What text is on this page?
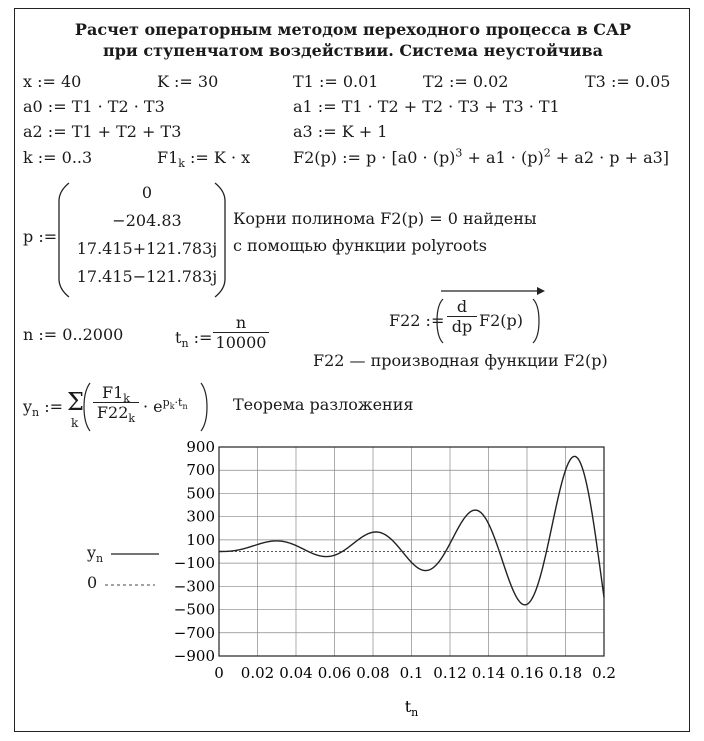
Расчет операторным методом переходного процесса в САР
при ступенчатом воздействии. Система неустойчива
x := 40	K := 30	T1 := 0.01	T2 := 0.02	T3 := 0.05
a0 := T1 · T2 · T3	a1 := T1 · T2 + T2 · T3 + T3 · T1
a2 := T1 + T2 + T3	a3 := K + 1
k := 0..3	$F1_k$ := K · x	F2(p) := $p \cdot [a0 \cdot (p)^3 + a1 \cdot (p)^2 + a2 \cdot p + a3]$
p :=
0
−204.83
17.415+121.783j
17.415−121.783j
Корни полинома F2(p) = 0 найдены
с помощью функции polyroots
n := 0..2000	$t_n$ := $\frac{n}{10000}$	F22 := $\frac{d}{dp} F2(p)$
F22 — производная функции F2(p)
$y_n$ := Σ
k
$\frac{F1_k}{F22_k} \cdot e^{p_k\cdot t_n}$	Теорема разложения
$y_n$
0
900
700
500
300
100
−100
−300
−500
−700
−900
0 0.02 0.04 0.06 0.08 0.1 0.12 0.14 0.16 0.18 0.2
$t_n$
